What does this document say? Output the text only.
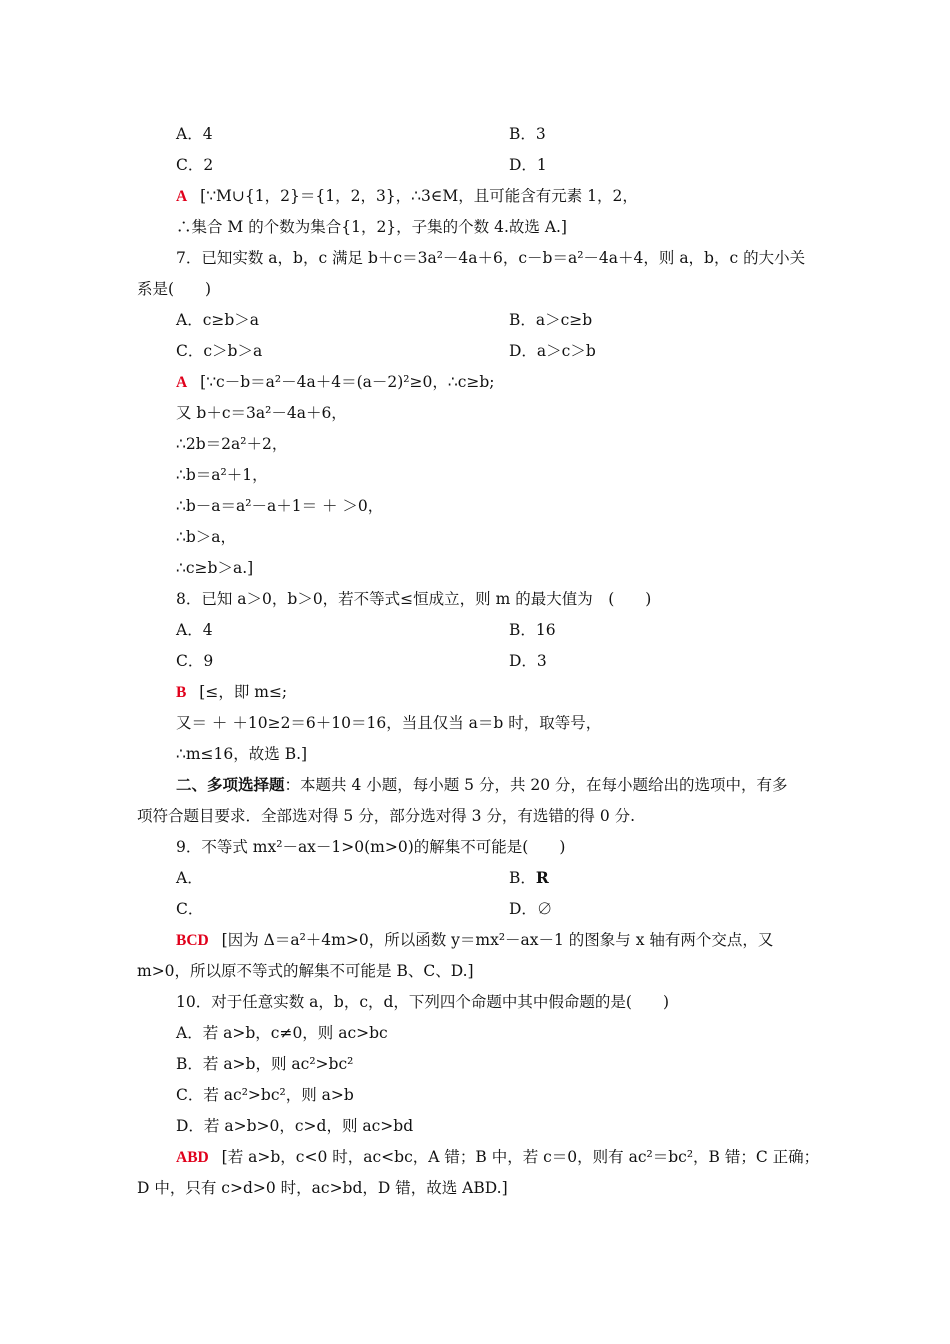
A．4	B．3
C．2	D．1
A [∵M∪{1，2}＝{1，2，3}，∴3∈M，且可能含有元素 1，2，
∴集合 M 的个数为集合{1，2}，子集的个数 4.故选 A.]
7．已知实数 a，b，c 满足 b＋c＝3a²－4a＋6，c－b＝a²－4a＋4，则 a，b，c 的大小关
系是(　　)
A．c≥b＞a	B．a＞c≥b
C．c＞b＞a	D．a＞c＞b
A [∵c－b＝a²－4a＋4＝(a－2)²≥0，∴c≥b;
又 b＋c＝3a²－4a＋6，
∴2b＝2a²＋2，
∴b＝a²＋1，
∴b－a＝a²－a＋1＝ ＋ ＞0，
∴b＞a，
∴c≥b＞a.]
8．已知 a＞0，b＞0，若不等式≤恒成立，则 m 的最大值为　(　　)
A．4	B．16
C．9	D．3
B [≤，即 m≤;
又＝ ＋ ＋10≥2＝6＋10＝16，当且仅当 a＝b 时，取等号，
∴m≤16，故选 B.]
二、多项选择题：本题共 4 小题，每小题 5 分，共 20 分，在每小题给出的选项中，有多
项符合题目要求．全部选对得 5 分，部分选对得 3 分，有选错的得 0 分.
9．不等式 mx²－ax－1>0(m>0)的解集不可能是(　　)
A．	B．R
C．	D．∅
BCD [因为 Δ＝a²＋4m>0，所以函数 y＝mx²－ax－1 的图象与 x 轴有两个交点，又
m>0，所以原不等式的解集不可能是 B、C、D.]
10．对于任意实数 a，b，c，d，下列四个命题中其中假命题的是(　　)
A．若 a>b，c≠0，则 ac>bc
B．若 a>b，则 ac²>bc²
C．若 ac²>bc²，则 a>b
D．若 a>b>0，c>d，则 ac>bd
ABD [若 a>b，c<0 时，ac<bc，A 错；B 中，若 c＝0，则有 ac²＝bc²，B 错；C 正确；
D 中，只有 c>d>0 时，ac>bd，D 错，故选 ABD.]
